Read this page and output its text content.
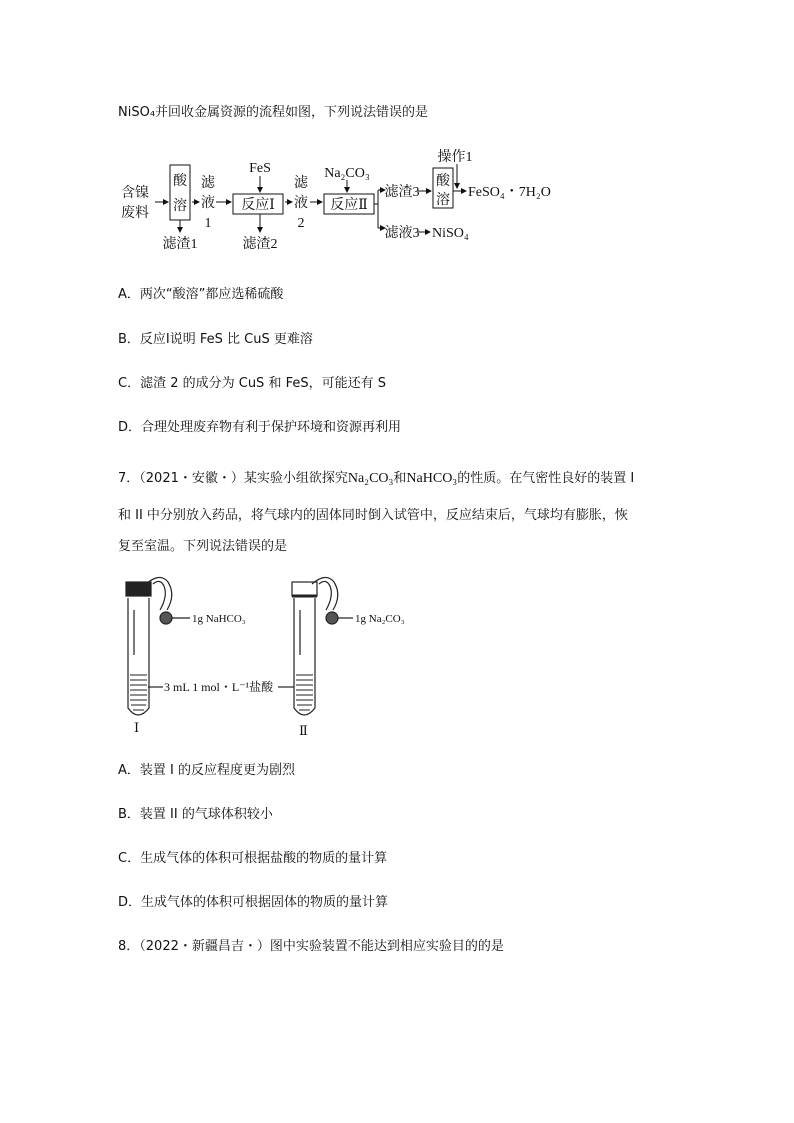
NiSO₄并回收金属资源的流程如图，下列说法错误的是
含镍
废料
酸
溶
滤渣1
滤
液
1
FeS
反应Ⅰ
滤渣2
滤
液
2
Na₂CO₃
反应Ⅱ
滤渣3
酸
溶
操作1
滤液3
FeSO₄・7H₂O
NiSO₄
A．两次“酸溶”都应选稀硫酸
B．反应Ⅰ说明 FeS 比 CuS 更难溶
C．滤渣 2 的成分为 CuS 和 FeS，可能还有 S
D．合理处理废弃物有利于保护环境和资源再利用
7．（2021・安徽・）某实验小组欲探究Na₂CO₃和NaHCO₃的性质。在气密性良好的装置 I
和 II 中分别放入药品，将气球内的固体同时倒入试管中，反应结束后，气球均有膨胀，恢
复至室温。下列说法错误的是
1g NaHCO₃	1g Na₂CO₃
3 mL 1 mol・L⁻¹盐酸
Ⅰ	Ⅱ
A．装置 I 的反应程度更为剧烈
B．装置 II 的气球体积较小
C．生成气体的体积可根据盐酸的物质的量计算
D．生成气体的体积可根据固体的物质的量计算
8．（2022・新疆昌吉・）图中实验装置不能达到相应实验目的的是
